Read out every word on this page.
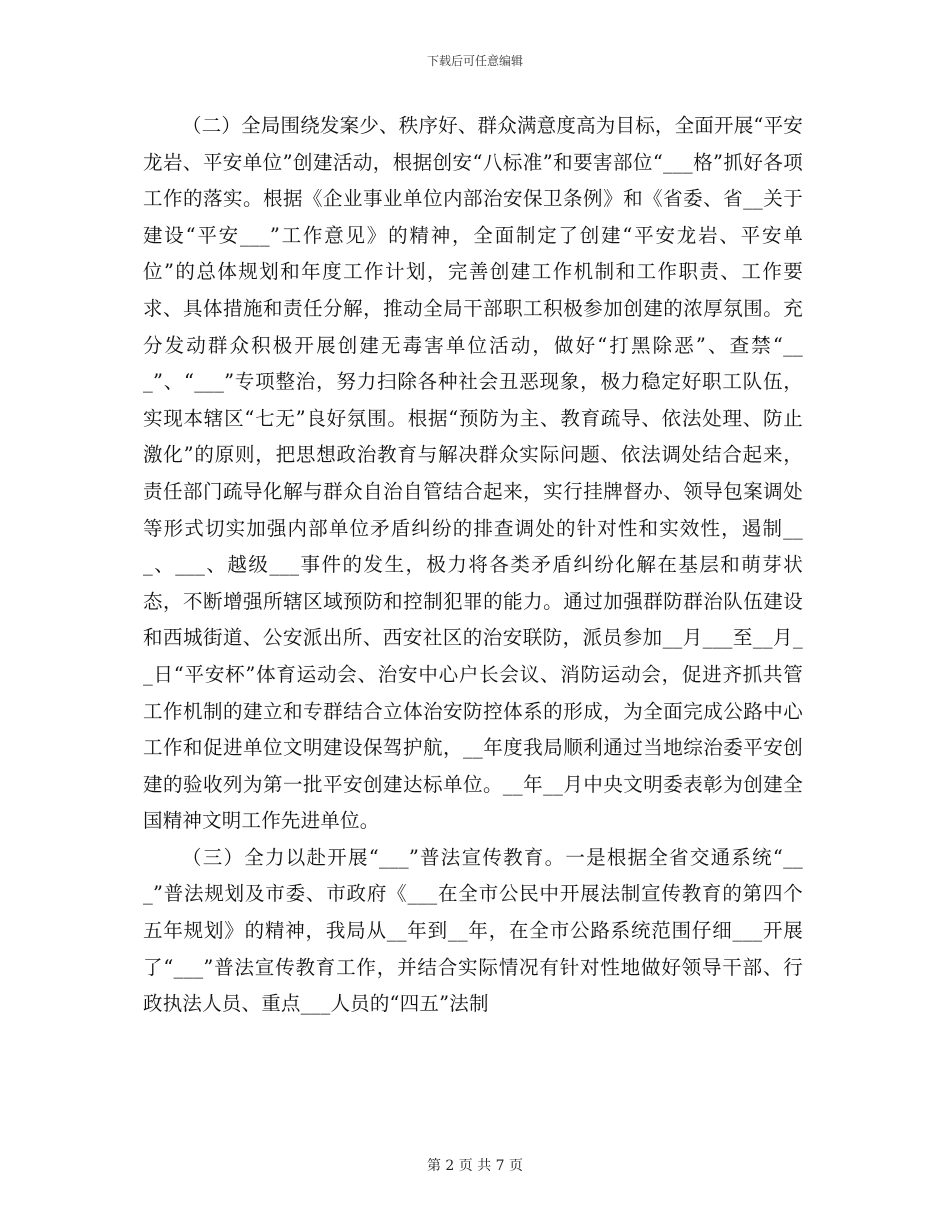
下载后可任意编辑

（二）全局围绕发案少、秩序好、群众满意度高为目标，全面开展“平安龙岩、平安单位”创建活动，根据创安“八标准”和要害部位“___格”抓好各项工作的落实。根据《企业事业单位内部治安保卫条例》和《省委、省__关于建设“平安___”工作意见》的精神，全面制定了创建“平安龙岩、平安单位”的总体规划和年度工作计划，完善创建工作机制和工作职责、工作要求、具体措施和责任分解，推动全局干部职工积极参加创建的浓厚氛围。充分发动群众积极开展创建无毒害单位活动，做好“打黑除恶”、查禁“___”、“___”专项整治，努力扫除各种社会丑恶现象，极力稳定好职工队伍，实现本辖区“七无”良好氛围。根据“预防为主、教育疏导、依法处理、防止激化”的原则，把思想政治教育与解决群众实际问题、依法调处结合起来，责任部门疏导化解与群众自治自管结合起来，实行挂牌督办、领导包案调处等形式切实加强内部单位矛盾纠纷的排查调处的针对性和实效性，遏制___、___、越级___事件的发生，极力将各类矛盾纠纷化解在基层和萌芽状态，不断增强所辖区域预防和控制犯罪的能力。通过加强群防群治队伍建设和西城街道、公安派出所、西安社区的治安联防，派员参加__月___至__月__日“平安杯”体育运动会、治安中心户长会议、消防运动会，促进齐抓共管工作机制的建立和专群结合立体治安防控体系的形成，为全面完成公路中心工作和促进单位文明建设保驾护航，__年度我局顺利通过当地综治委平安创建的验收列为第一批平安创建达标单位。__年__月中央文明委表彰为创建全国精神文明工作先进单位。

（三）全力以赴开展“___”普法宣传教育。一是根据全省交通系统“___”普法规划及市委、市政府《___在全市公民中开展法制宣传教育的第四个五年规划》的精神，我局从__年到__年，在全市公路系统范围仔细___开展了“___”普法宣传教育工作，并结合实际情况有针对性地做好领导干部、行政执法人员、重点___人员的“四五”法制

第 2 页 共 7 页
